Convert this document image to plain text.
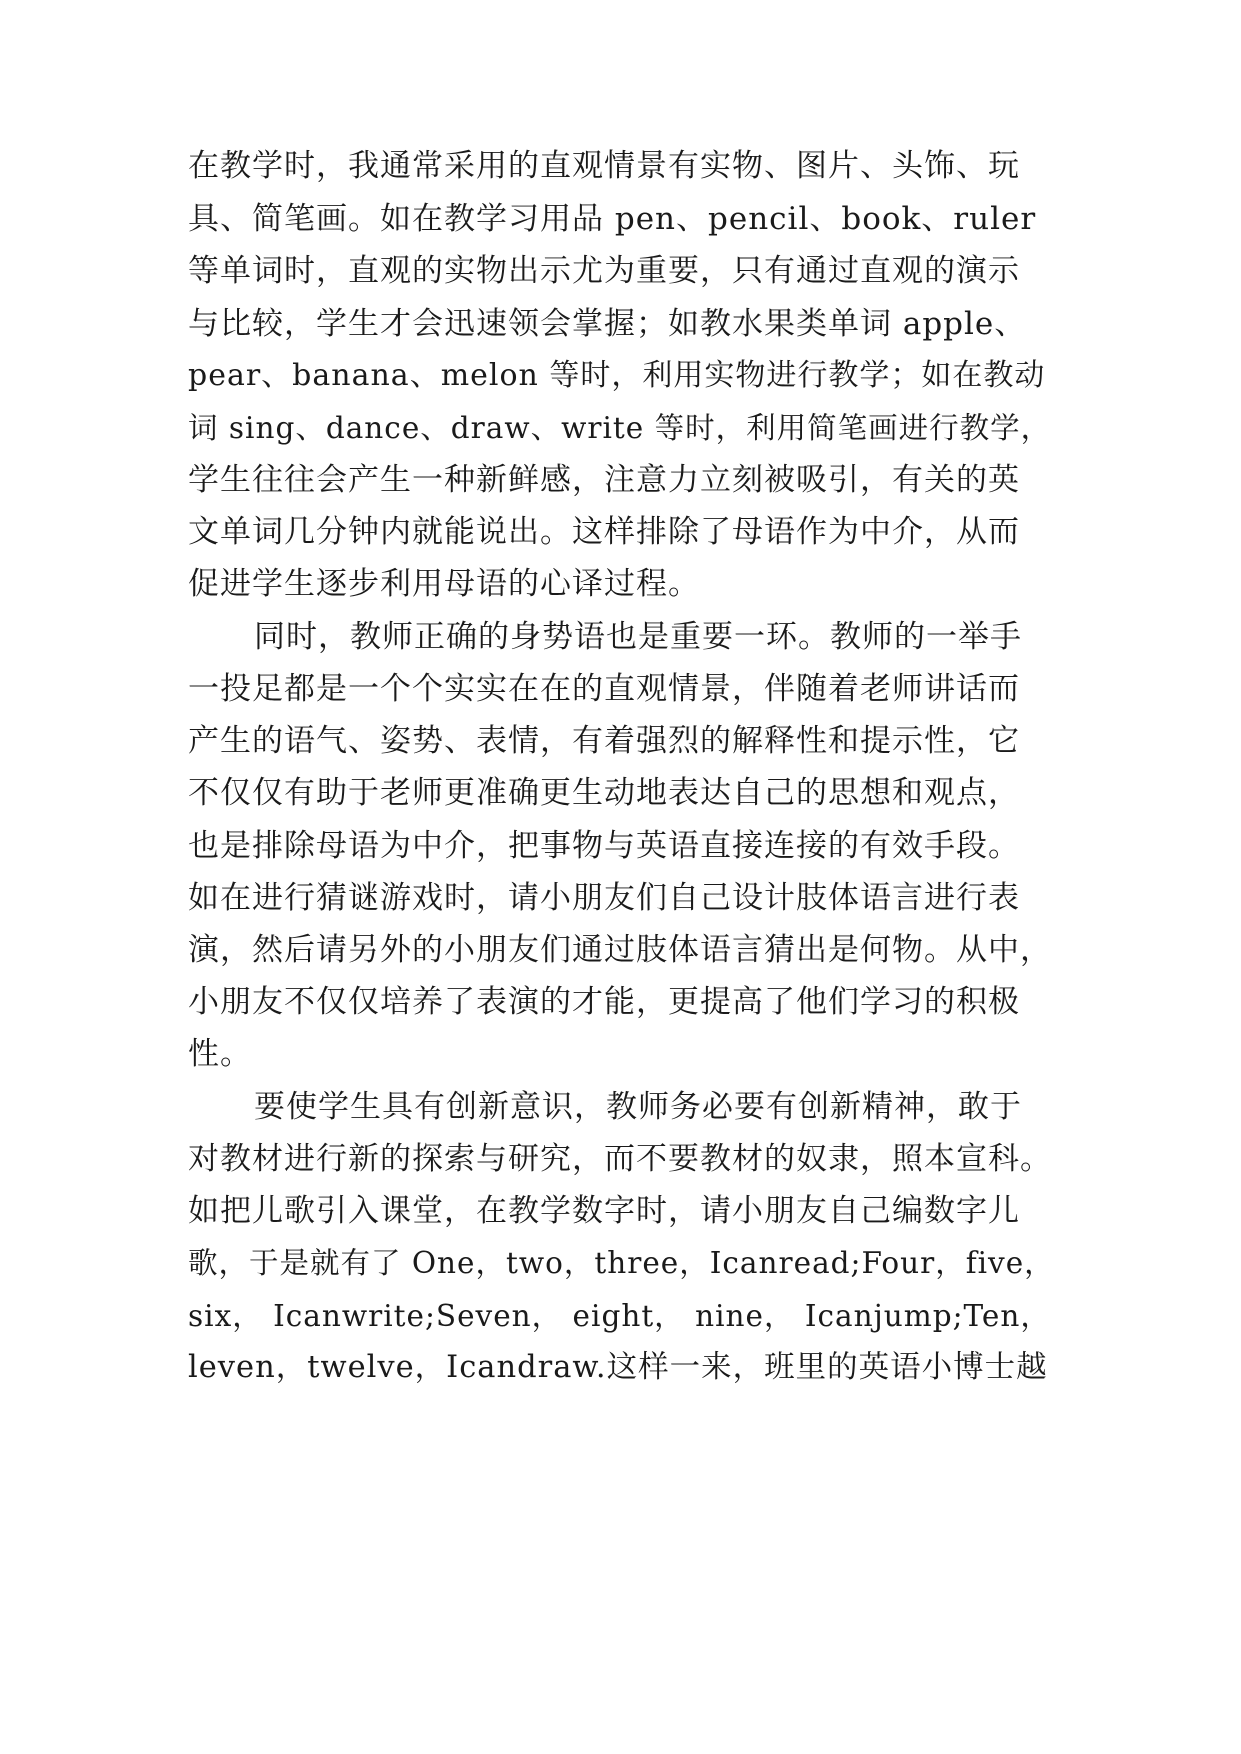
在教学时，我通常采用的直观情景有实物、图片、头饰、玩
具、简笔画。如在教学习用品 pen、pencil、book、ruler
等单词时，直观的实物出示尤为重要，只有通过直观的演示
与比较，学生才会迅速领会掌握；如教水果类单词 apple、
pear、banana、melon 等时，利用实物进行教学；如在教动
词 sing、dance、draw、write 等时，利用简笔画进行教学，
学生往往会产生一种新鲜感，注意力立刻被吸引，有关的英
文单词几分钟内就能说出。这样排除了母语作为中介，从而
促进学生逐步利用母语的心译过程。
同时，教师正确的身势语也是重要一环。教师的一举手
一投足都是一个个实实在在的直观情景，伴随着老师讲话而
产生的语气、姿势、表情，有着强烈的解释性和提示性，它
不仅仅有助于老师更准确更生动地表达自己的思想和观点，
也是排除母语为中介，把事物与英语直接连接的有效手段。
如在进行猜谜游戏时，请小朋友们自己设计肢体语言进行表
演，然后请另外的小朋友们通过肢体语言猜出是何物。从中，
小朋友不仅仅培养了表演的才能，更提高了他们学习的积极
性。
要使学生具有创新意识，教师务必要有创新精神，敢于
对教材进行新的探索与研究，而不要教材的奴隶，照本宣科。
如把儿歌引入课堂，在教学数字时，请小朋友自己编数字儿
歌，于是就有了 One，two，three，Icanread;Four，five，
six， Icanwrite;Seven， eight， nine， Icanjump;Ten，
leven，twelve，Icandraw.这样一来，班里的英语小博士越
